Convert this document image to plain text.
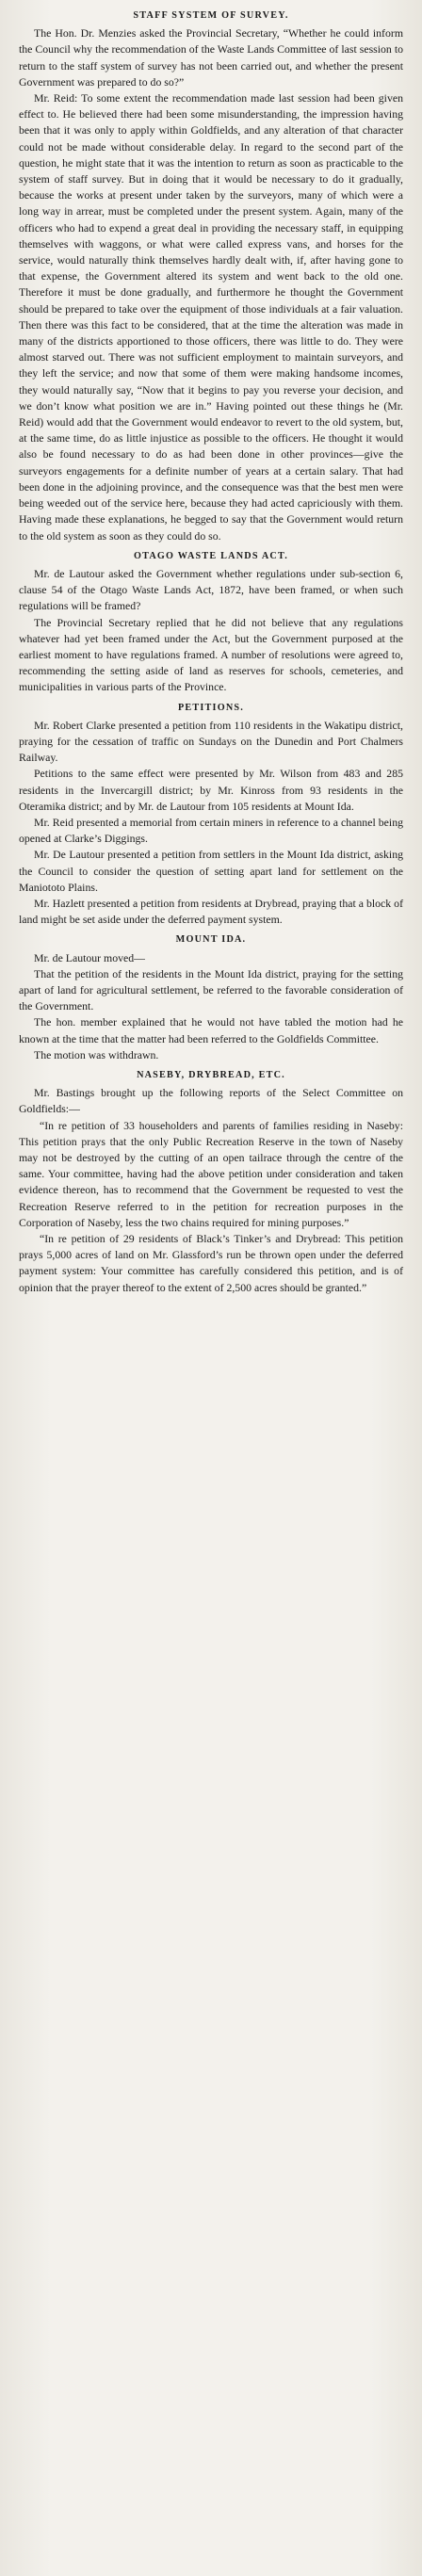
STAFF SYSTEM OF SURVEY.

The Hon. Dr. Menzies asked the Provincial Secretary, “Whether he could inform the Council why the recommendation of the Waste Lands Committee of last session to return to the staff system of survey has not been carried out, and whether the present Government was prepared to do so?”

Mr. Reid: To some extent the recommendation made last session had been given effect to. He believed there had been some misunderstanding, the impression having been that it was only to apply within Goldfields, and any alteration of that character could not be made without considerable delay. In regard to the second part of the question, he might state that it was the intention to return as soon as practicable to the system of staff survey. But in doing that it would be necessary to do it gradually, because the works at present under taken by the surveyors, many of which were a long way in arrear, must be completed under the present system. Again, many of the officers who had to expend a great deal in providing the necessary staff, in equipping themselves with waggons, or what were called express vans, and horses for the service, would naturally think themselves hardly dealt with, if, after having gone to that expense, the Government altered its system and went back to the old one. Therefore it must be done gradually, and furthermore he thought the Government should be prepared to take over the equipment of those individuals at a fair valuation. Then there was this fact to be considered, that at the time the alteration was made in many of the districts apportioned to those officers, there was little to do. They were almost starved out. There was not sufficient employment to maintain surveyors, and they left the service; and now that some of them were making handsome incomes, they would naturally say, “Now that it begins to pay you reverse your decision, and we don’t know what position we are in.” Having pointed out these things he (Mr. Reid) would add that the Government would endeavor to revert to the old system, but, at the same time, do as little injustice as possible to the officers. He thought it would also be found necessary to do as had been done in other provinces—give the surveyors engagements for a definite number of years at a certain salary. That had been done in the adjoining province, and the consequence was that the best men were being weeded out of the service here, because they had acted capriciously with them. Having made these explanations, he begged to say that the Government would return to the old system as soon as they could do so.

OTAGO WASTE LANDS ACT.

Mr. de Lautour asked the Government whether regulations under sub-section 6, clause 54 of the Otago Waste Lands Act, 1872, have been framed, or when such regulations will be framed?

The Provincial Secretary replied that he did not believe that any regulations whatever had yet been framed under the Act, but the Government purposed at the earliest moment to have regulations framed. A number of resolutions were agreed to, recommending the setting aside of land as reserves for schools, cemeteries, and municipalities in various parts of the Province.

PETITIONS.

Mr. Robert Clarke presented a petition from 110 residents in the Wakatipu district, praying for the cessation of traffic on Sundays on the Dunedin and Port Chalmers Railway.

Petitions to the same effect were presented by Mr. Wilson from 483 and 285 residents in the Invercargill district; by Mr. Kinross from 93 residents in the Oteramika district; and by Mr. de Lautour from 105 residents at Mount Ida.

Mr. Reid presented a memorial from certain miners in reference to a channel being opened at Clarke’s Diggings.

Mr. De Lautour presented a petition from settlers in the Mount Ida district, asking the Council to consider the question of setting apart land for settlement on the Maniototo Plains.

Mr. Hazlett presented a petition from residents at Drybread, praying that a block of land might be set aside under the deferred payment system.

MOUNT IDA.

Mr. de Lautour moved—

That the petition of the residents in the Mount Ida district, praying for the setting apart of land for agricultural settlement, be referred to the favorable consideration of the Government.

The hon. member explained that he would not have tabled the motion had he known at the time that the matter had been referred to the Goldfields Committee.

The motion was withdrawn.

NASEBY, DRYBREAD, ETC.

Mr. Bastings brought up the following reports of the Select Committee on Goldfields:—

“In re petition of 33 householders and parents of families residing in Naseby: This petition prays that the only Public Recreation Reserve in the town of Naseby may not be destroyed by the cutting of an open tailrace through the centre of the same. Your committee, having had the above petition under consideration and taken evidence thereon, has to recommend that the Government be requested to vest the Recreation Reserve referred to in the petition for recreation purposes in the Corporation of Naseby, less the two chains required for mining purposes.”

“In re petition of 29 residents of Black’s Tinker’s and Drybread: This petition prays 5,000 acres of land on Mr. Glassford’s run be thrown open under the deferred payment system: Your committee has carefully considered this petition, and is of opinion that the prayer thereof to the extent of 2,500 acres should be granted.”
